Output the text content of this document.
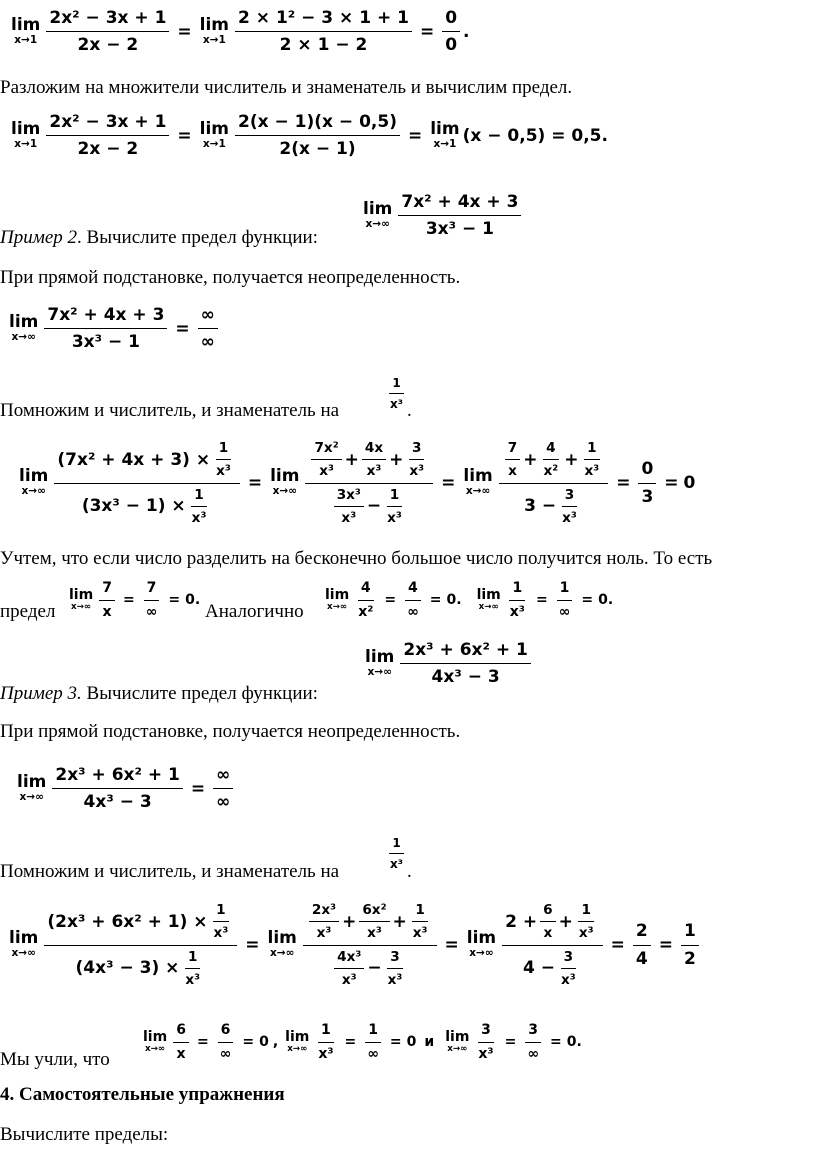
lim
$x\to 1 \frac{\text{2x² − 3x + 1}}{2x - 2} = \lim$
$x\to 1 \frac{\text{2 × 1² − 3 × 1 + 1}}{2 \times 1 - 2} = \frac{0}{0}$ .
Разложим на множители числитель и знаменатель и вычислим предел.
lim
$x\to 1 \frac{\text{2x² − 3x + 1}}{2x - 2} = \lim$
$x\to 1 \frac{2(x - 1)(x - 0,5)}{2(x - 1)} = \lim$
x→1 (x − 0,5) = 0,5.
Пример 2. Вычислите предел функции:
lim
x→∞
7x² + 4x + 3
3x³ − 1
При прямой подстановке, получается неопределенность.
lim
$x\to\infty \frac{\text{7x² + 4x + 3}}{\text{3x³ − 1}}$ =
∞
∞
Помножим и числитель, и знаменатель на
1
x³ .
lim
$x\to\infty \frac{(7x^2 + 4x + 3) \times \frac{1}{\text{x³}}}{(3x^3 - 1) \times \frac{1}{\text{x³}}} = \lim$
x→∞ 7x²
x³
+ $\frac{4x}{\text{x³}} + \frac{3}{\text{x³}}$
3x³
x³
− $\frac{1}{\text{x³}} = \lim$
x→∞ 7
x
+ $\frac{4}{\text{x²}} + \frac{1}{\text{x³}}$
$3 - \frac{3}{\text{x³}} = \frac{0}{3} = 0$
Учтем, что если число разделить на бесконечно большое число получится ноль. То есть
предел
lim
$x\to\infty \frac{7}{x}$ =
7
∞
= 0 .
Аналогично
lim
$x\to\infty \frac{4}{\text{x²}}$ =
4
∞
= 0 . lim
$x\to\infty \frac{1}{\text{x³}}$ =
1
∞
= 0 .
Пример 3. Вычислите предел функции:
lim
x→∞
2x³ + 6x² + 1
4x³ − 3
При прямой подстановке, получается неопределенность.
lim
$x\to\infty \frac{\text{2x³ + 6x² + 1}}{\text{4x³ − 3}}$ =
∞
∞
Помножим и числитель, и знаменатель на
1
x³ .
lim
$x\to\infty \frac{(2x^3 + 6x^2 + 1) \times \frac{1}{\text{x³}}}{(4x^3 - 3) \times \frac{1}{\text{x³}}} = \lim$
x→∞ 2x³
x³
+ $\frac{\text{6x²}}{\text{x³}} + \frac{1}{\text{x³}}$
4x³
x³
− $\frac{3}{\text{x³}} = \lim$
$x\to\infty \frac{2 + \frac{6}{x} + \frac{1}{\text{x³}}}{4 - \frac{3}{\text{x³}}} = \frac{2}{4} = \frac{1}{2}$
Мы учли, что
lim
$x\to\infty \frac{6}{x}$ =
6
∞
= 0 , lim
$x\to\infty \frac{1}{\text{x³}}$ =
1
∞
= 0 и lim
$x\to\infty \frac{3}{\text{x³}}$ =
3
∞
= 0 .
4. Самостоятельные упражнения
Вычислите пределы:
